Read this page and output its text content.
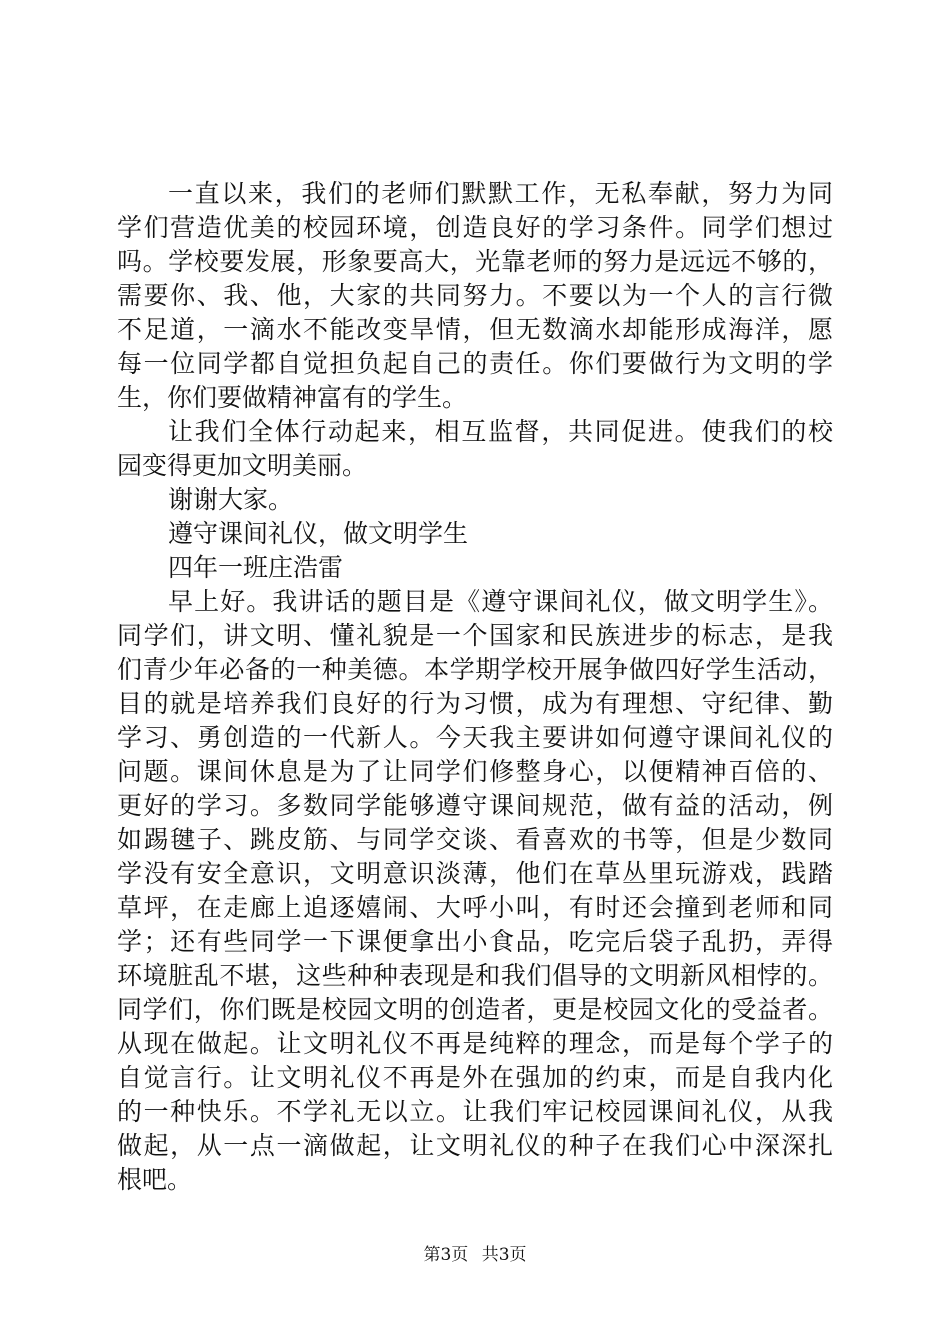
一直以来，我们的老师们默默工作，无私奉献，努力为同
学们营造优美的校园环境，创造良好的学习条件。同学们想过
吗。学校要发展，形象要高大，光靠老师的努力是远远不够的，
需要你、我、他，大家的共同努力。不要以为一个人的言行微
不足道，一滴水不能改变旱情，但无数滴水却能形成海洋，愿
每一位同学都自觉担负起自己的责任。你们要做行为文明的学
生，你们要做精神富有的学生。
让我们全体行动起来，相互监督，共同促进。使我们的校
园变得更加文明美丽。
谢谢大家。
遵守课间礼仪，做文明学生
四年一班庄浩雷
早上好。我讲话的题目是《遵守课间礼仪，做文明学生》。
同学们，讲文明、懂礼貌是一个国家和民族进步的标志，是我
们青少年必备的一种美德。本学期学校开展争做四好学生活动，
目的就是培养我们良好的行为习惯，成为有理想、守纪律、勤
学习、勇创造的一代新人。今天我主要讲如何遵守课间礼仪的
问题。课间休息是为了让同学们修整身心，以便精神百倍的、
更好的学习。多数同学能够遵守课间规范，做有益的活动，例
如踢毽子、跳皮筋、与同学交谈、看喜欢的书等，但是少数同
学没有安全意识，文明意识淡薄，他们在草丛里玩游戏，践踏
草坪，在走廊上追逐嬉闹、大呼小叫，有时还会撞到老师和同
学；还有些同学一下课便拿出小食品，吃完后袋子乱扔，弄得
环境脏乱不堪，这些种种表现是和我们倡导的文明新风相悖的。
同学们，你们既是校园文明的创造者，更是校园文化的受益者。
从现在做起。让文明礼仪不再是纯粹的理念，而是每个学子的
自觉言行。让文明礼仪不再是外在强加的约束，而是自我内化
的一种快乐。不学礼无以立。让我们牢记校园课间礼仪，从我
做起，从一点一滴做起，让文明礼仪的种子在我们心中深深扎
根吧。
第3页 共3页
